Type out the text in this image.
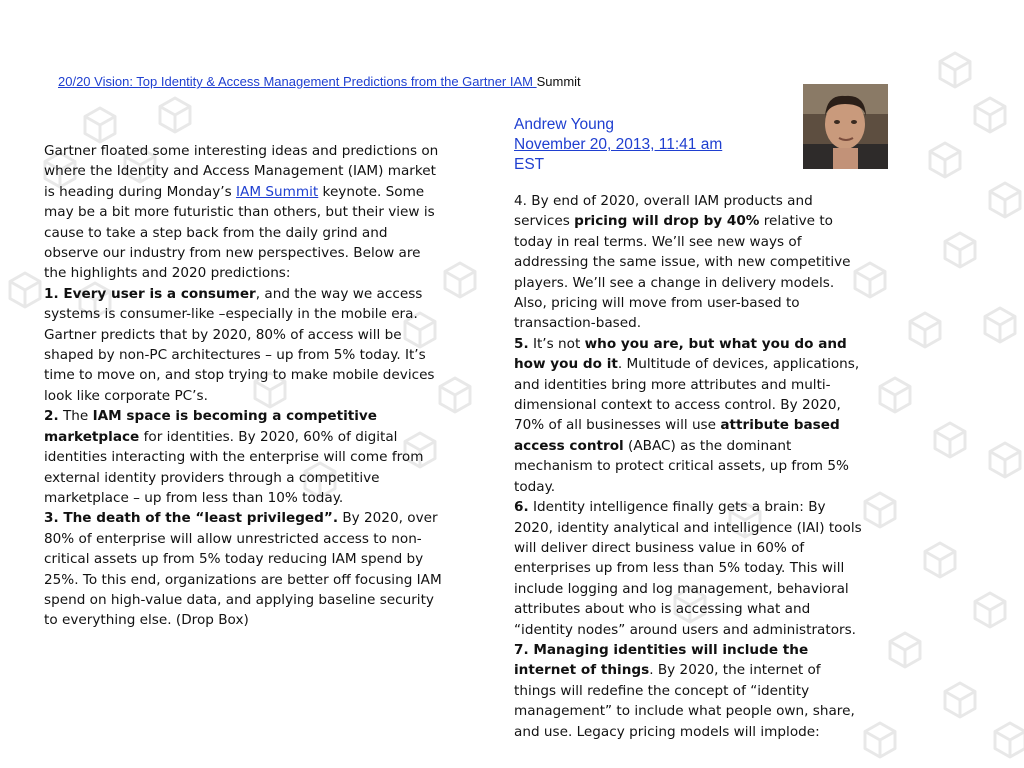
20/20 Vision: Top Identity & Access Management Predictions from the Gartner IAM Summit
Andrew Young
November 20, 2013, 11:41 am
EST

Gartner floated some interesting ideas and predictions on where the Identity and Access Management (IAM) market is heading during Monday’s IAM Summit keynote. Some may be a bit more futuristic than others, but their view is cause to take a step back from the daily grind and observe our industry from new perspectives. Below are the highlights and 2020 predictions:

1. Every user is a consumer, and the way we access systems is consumer-like –especially in the mobile era. Gartner predicts that by 2020, 80% of access will be shaped by non-PC architectures – up from 5% today. It’s time to move on, and stop trying to make mobile devices look like corporate PC’s.

2. The IAM space is becoming a competitive marketplace for identities. By 2020, 60% of digital identities interacting with the enterprise will come from external identity providers through a competitive marketplace – up from less than 10% today.

3. The death of the “least privileged”. By 2020, over 80% of enterprise will allow unrestricted access to non-critical assets up from 5% today reducing IAM spend by 25%. To this end, organizations are better off focusing IAM spend on high-value data, and applying baseline security to everything else. (Drop Box)

4. By end of 2020, overall IAM products and services pricing will drop by 40% relative to today in real terms. We’ll see new ways of addressing the same issue, with new competitive players. We’ll see a change in delivery models. Also, pricing will move from user-based to transaction-based.

5. It’s not who you are, but what you do and how you do it. Multitude of devices, applications, and identities bring more attributes and multi-dimensional context to access control. By 2020, 70% of all businesses will use attribute based access control (ABAC) as the dominant mechanism to protect critical assets, up from 5% today.

6. Identity intelligence finally gets a brain: By 2020, identity analytical and intelligence (IAI) tools will deliver direct business value in 60% of enterprises up from less than 5% today. This will include logging and log management, behavioral attributes about who is accessing what and “identity nodes” around users and administrators.

7. Managing identities will include the internet of things. By 2020, the internet of things will redefine the concept of “identity management” to include what people own, share, and use. Legacy pricing models will implode:
